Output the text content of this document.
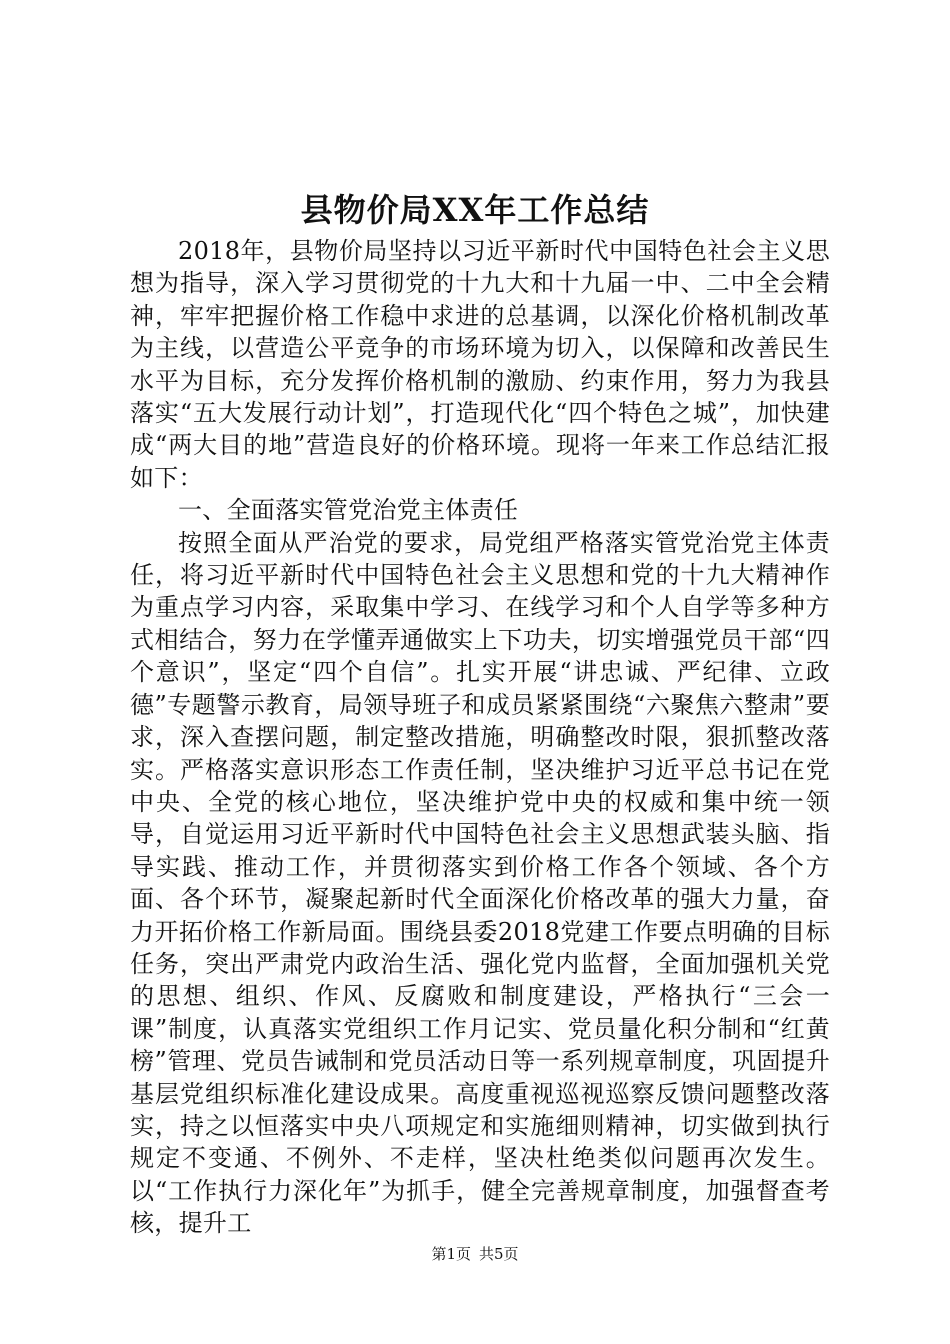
县物价局XX年工作总结

2018年，县物价局坚持以习近平新时代中国特色社会主义思想为指导，深入学习贯彻党的十九大和十九届一中、二中全会精神，牢牢把握价格工作稳中求进的总基调，以深化价格机制改革为主线，以营造公平竞争的市场环境为切入，以保障和改善民生水平为目标，充分发挥价格机制的激励、约束作用，努力为我县落实“五大发展行动计划”，打造现代化“四个特色之城”，加快建成“两大目的地”营造良好的价格环境。现将一年来工作总结汇报如下：

一、全面落实管党治党主体责任

按照全面从严治党的要求，局党组严格落实管党治党主体责任，将习近平新时代中国特色社会主义思想和党的十九大精神作为重点学习内容，采取集中学习、在线学习和个人自学等多种方式相结合，努力在学懂弄通做实上下功夫，切实增强党员干部“四个意识”，坚定“四个自信”。扎实开展“讲忠诚、严纪律、立政德”专题警示教育，局领导班子和成员紧紧围绕“六聚焦六整肃”要求，深入查摆问题，制定整改措施，明确整改时限，狠抓整改落实。严格落实意识形态工作责任制，坚决维护习近平总书记在党中央、全党的核心地位，坚决维护党中央的权威和集中统一领导，自觉运用习近平新时代中国特色社会主义思想武装头脑、指导实践、推动工作，并贯彻落实到价格工作各个领域、各个方面、各个环节，凝聚起新时代全面深化价格改革的强大力量，奋力开拓价格工作新局面。围绕县委2018党建工作要点明确的目标任务，突出严肃党内政治生活、强化党内监督，全面加强机关党的思想、组织、作风、反腐败和制度建设，严格执行“三会一课”制度，认真落实党组织工作月记实、党员量化积分制和“红黄榜”管理、党员告诫制和党员活动日等一系列规章制度，巩固提升基层党组织标准化建设成果。高度重视巡视巡察反馈问题整改落实，持之以恒落实中央八项规定和实施细则精神，切实做到执行规定不变通、不例外、不走样，坚决杜绝类似问题再次发生。以“工作执行力深化年”为抓手，健全完善规章制度，加强督查考核，提升工

第1页 共5页
